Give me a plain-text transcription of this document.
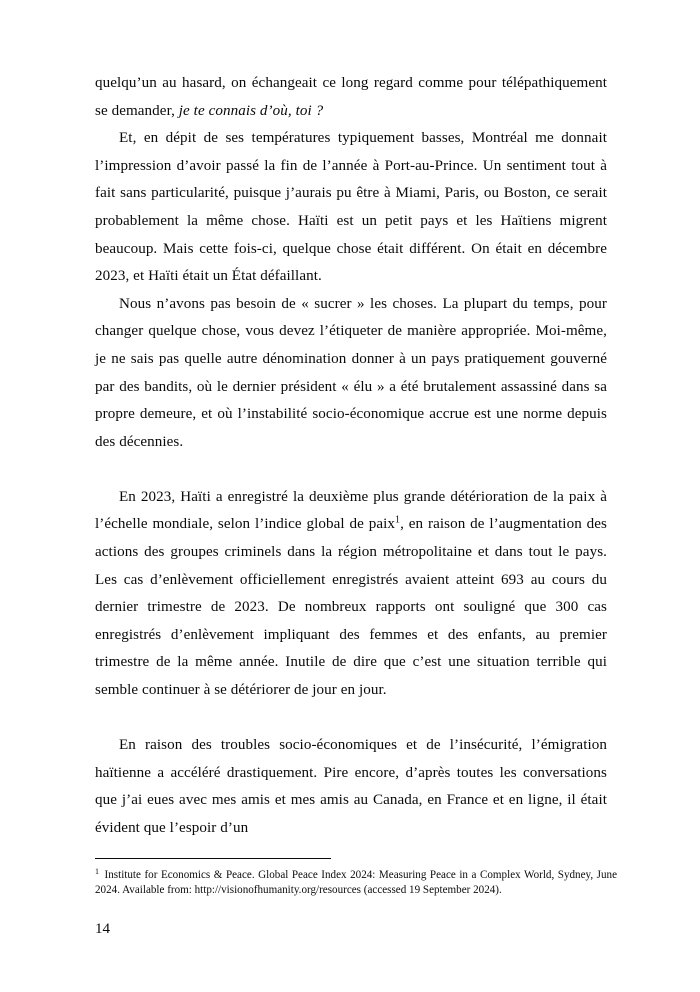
quelqu’un au hasard, on échangeait ce long regard comme pour télépathiquement se demander, je te connais d’où, toi ?

Et, en dépit de ses températures typiquement basses, Montréal me donnait l’impression d’avoir passé la fin de l’année à Port-au-Prince. Un sentiment tout à fait sans particularité, puisque j’aurais pu être à Miami, Paris, ou Boston, ce serait probablement la même chose. Haïti est un petit pays et les Haïtiens migrent beaucoup. Mais cette fois-ci, quelque chose était différent. On était en décembre 2023, et Haïti était un État défaillant.

Nous n’avons pas besoin de « sucrer » les choses. La plupart du temps, pour changer quelque chose, vous devez l’étiqueter de manière appropriée. Moi-même, je ne sais pas quelle autre dénomination donner à un pays pratiquement gouverné par des bandits, où le dernier président « élu » a été brutalement assassiné dans sa propre demeure, et où l’instabilité socio-économique accrue est une norme depuis des décennies.

En 2023, Haïti a enregistré la deuxième plus grande détérioration de la paix à l’échelle mondiale, selon l’indice global de paix$^1$, en raison de l’augmentation des actions des groupes criminels dans la région métropolitaine et dans tout le pays. Les cas d’enlèvement officiellement enregistrés avaient atteint 693 au cours du dernier trimestre de 2023. De nombreux rapports ont souligné que 300 cas enregistrés d’enlèvement impliquant des femmes et des enfants, au premier trimestre de la même année. Inutile de dire que c’est une situation terrible qui semble continuer à se détériorer de jour en jour.

En raison des troubles socio-économiques et de l’insécurité, l’émigration haïtienne a accéléré drastiquement. Pire encore, d’après toutes les conversations que j’ai eues avec mes amis et mes amis au Canada, en France et en ligne, il était évident que l’espoir d’un

$^1$ Institute for Economics & Peace. Global Peace Index 2024: Measuring Peace in a Complex World, Sydney, June 2024. Available from: http://visionofhumanity.org/resources (accessed 19 September 2024).

14
